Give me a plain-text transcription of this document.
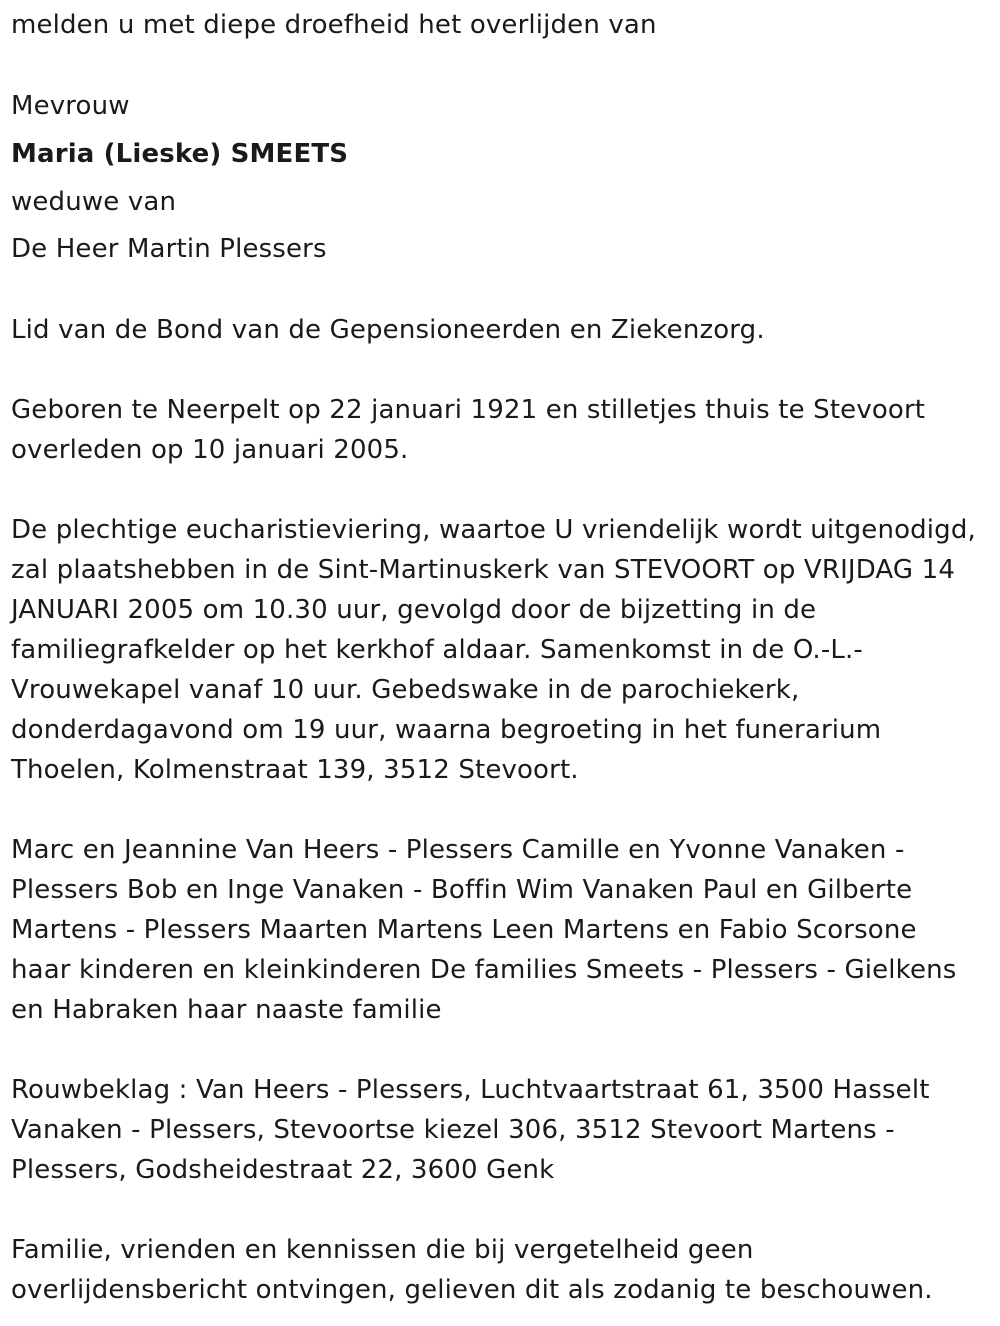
melden u met diepe droefheid het overlijden van
Mevrouw
Maria (Lieske) SMEETS
weduwe van
De Heer Martin Plessers
Lid van de Bond van de Gepensioneerden en Ziekenzorg.
Geboren te Neerpelt op 22 januari 1921 en stilletjes thuis te Stevoort
overleden op 10 januari 2005.
De plechtige eucharistieviering, waartoe U vriendelijk wordt uitgenodigd,
zal plaatshebben in de Sint-Martinuskerk van STEVOORT op VRIJDAG 14
JANUARI 2005 om 10.30 uur, gevolgd door de bijzetting in de
familiegrafkelder op het kerkhof aldaar. Samenkomst in de O.-L.-
Vrouwekapel vanaf 10 uur. Gebedswake in de parochiekerk,
donderdagavond om 19 uur, waarna begroeting in het funerarium
Thoelen, Kolmenstraat 139, 3512 Stevoort.
Marc en Jeannine Van Heers - Plessers Camille en Yvonne Vanaken -
Plessers Bob en Inge Vanaken - Boffin Wim Vanaken Paul en Gilberte
Martens - Plessers Maarten Martens Leen Martens en Fabio Scorsone
haar kinderen en kleinkinderen De families Smeets - Plessers - Gielkens
en Habraken haar naaste familie
Rouwbeklag : Van Heers - Plessers, Luchtvaartstraat 61, 3500 Hasselt
Vanaken - Plessers, Stevoortse kiezel 306, 3512 Stevoort Martens -
Plessers, Godsheidestraat 22, 3600 Genk
Familie, vrienden en kennissen die bij vergetelheid geen
overlijdensbericht ontvingen, gelieven dit als zodanig te beschouwen.
